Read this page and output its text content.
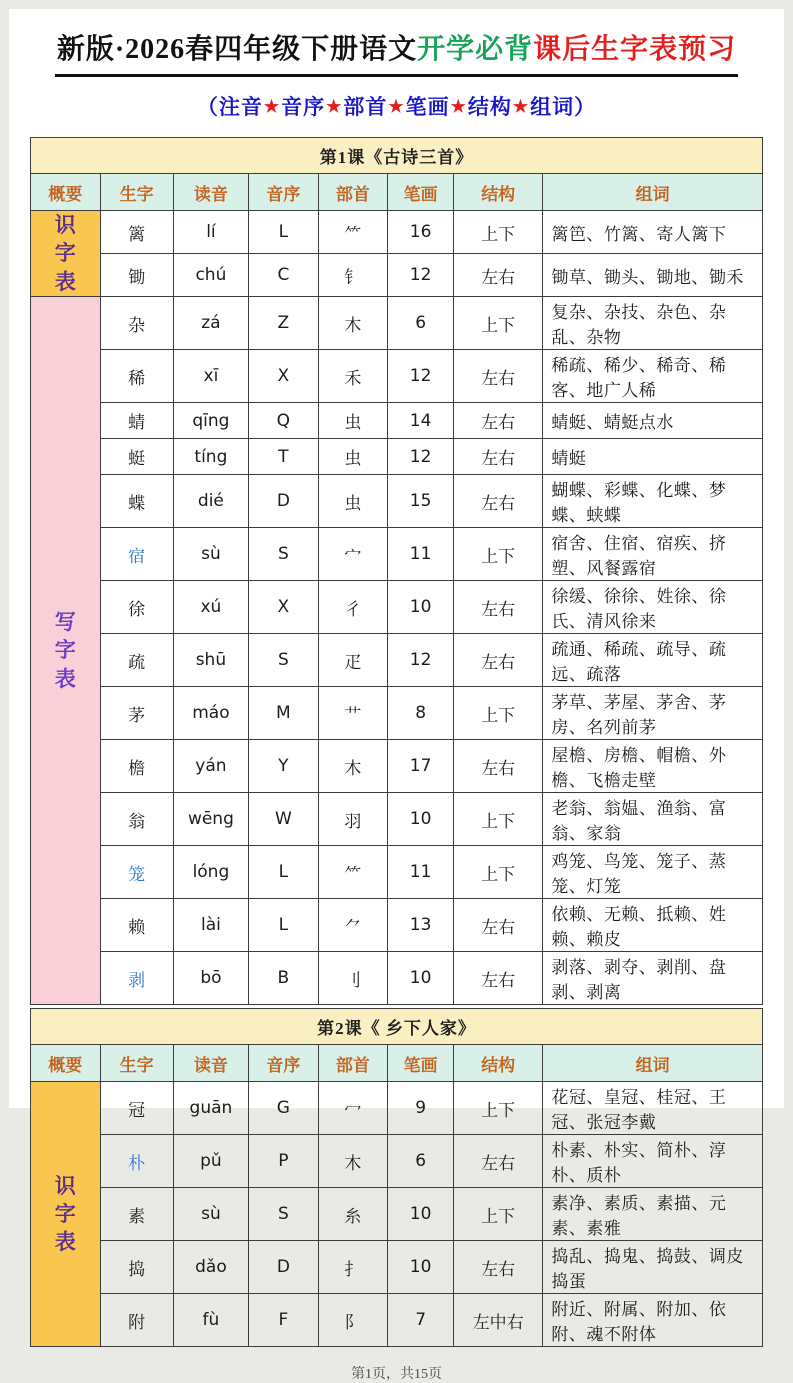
新版·2026春四年级下册语文开学必背课后生字表预习
（注音★音序★部首★笔画★结构★组词）
第1课《古诗三首》							
概要	生字	读音	音序	部首	笔画	结构	组词

识字表	篱	lí	L	⺮	16	上下	篱笆、竹篱、寄人篱下
	锄	chú	C	钅	12	左右	锄草、锄头、锄地、锄禾

写字表	杂	zá	Z	木	6	上下	复杂、杂技、杂色、杂乱、杂物
	稀	xī	X	禾	12	左右	稀疏、稀少、稀奇、稀客、地广人稀
	蜻	qīng	Q	虫	14	左右	蜻蜓、蜻蜓点水
	蜓	tíng	T	虫	12	左右	蜻蜓
	蝶	dié	D	虫	15	左右	蝴蝶、彩蝶、化蝶、梦蝶、蛱蝶
	宿	sù	S	宀	11	上下	宿舍、住宿、宿疾、挤塑、风餐露宿
	徐	xú	X	彳	10	左右	徐缓、徐徐、姓徐、徐氏、清风徐来
	疏	shū	S	疋	12	左右	疏通、稀疏、疏导、疏远、疏落
	茅	máo	M	艹	8	上下	茅草、茅屋、茅舍、茅房、名列前茅
	檐	yán	Y	木	17	左右	屋檐、房檐、帽檐、外檐、飞檐走壁
	翁	wēng	W	羽	10	上下	老翁、翁媪、渔翁、富翁、家翁
	笼	lóng	L	⺮	11	上下	鸡笼、鸟笼、笼子、蒸笼、灯笼
	赖	lài	L	⺈	13	左右	依赖、无赖、抵赖、姓赖、赖皮
	剥	bō	B	刂	10	左右	剥落、剥夺、剥削、盘剥、剥离
第2课《 乡下人家》							
概要	生字	读音	音序	部首	笔画	结构	组词

识字表	冠	guān	G	冖	9	上下	花冠、皇冠、桂冠、王冠、张冠李戴
	朴	pǔ	P	木	6	左右	朴素、朴实、简朴、淳朴、质朴
	素	sù	S	糸	10	上下	素净、素质、素描、元素、素雅
	捣	dǎo	D	扌	10	左右	捣乱、捣鬼、捣鼓、调皮捣蛋
	附	fù	F	阝	7	左中右	附近、附属、附加、依附、魂不附体
第1页，共15页
